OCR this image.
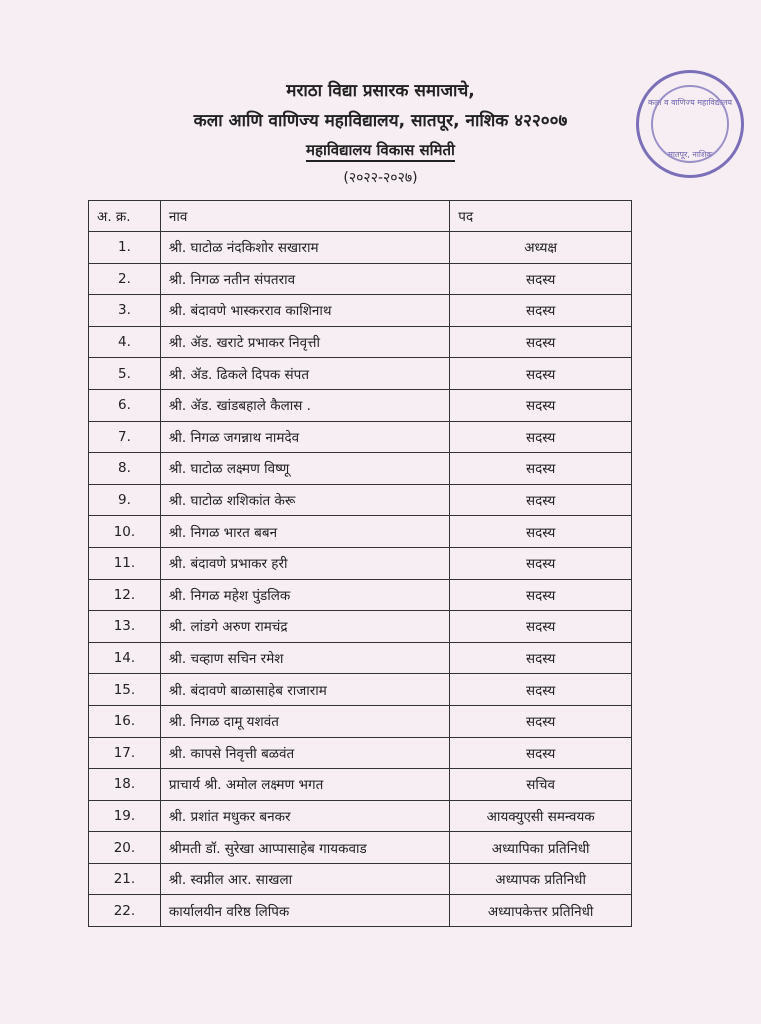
मराठा विद्या प्रसारक समाजाचे,
कला आणि वाणिज्य महाविद्यालय, सातपूर, नाशिक ४२२००७
महाविद्यालय विकास समिती
(२०२२-२०२७)
कला व वाणिज्य महाविद्यालय
सातपूर, नाशिक
अ. क्र.	नाव	पद
1.	श्री. घाटोळ नंदकिशोर सखाराम	अध्यक्ष
2.	श्री. निगळ नतीन संपतराव	सदस्य
3.	श्री. बंदावणे भास्करराव काशिनाथ	सदस्य
4.	श्री. ॲड. खराटे प्रभाकर निवृत्ती	सदस्य
5.	श्री. ॲड. ढिकले दिपक संपत	सदस्य
6.	श्री. ॲड. खांडबहाले कैलास .	सदस्य
7.	श्री. निगळ जगन्नाथ नामदेव	सदस्य
8.	श्री. घाटोळ लक्ष्मण विष्णू	सदस्य
9.	श्री. घाटोळ शशिकांत केरू	सदस्य
10.	श्री. निगळ भारत बबन	सदस्य
11.	श्री. बंदावणे प्रभाकर हरी	सदस्य
12.	श्री. निगळ महेश पुंडलिक	सदस्य
13.	श्री. लांडगे अरुण रामचंद्र	सदस्य
14.	श्री. चव्हाण सचिन रमेश	सदस्य
15.	श्री. बंदावणे बाळासाहेब राजाराम	सदस्य
16.	श्री. निगळ दामू यशवंत	सदस्य
17.	श्री. कापसे निवृत्ती बळवंत	सदस्य
18.	प्राचार्य श्री. अमोल लक्ष्मण भगत	सचिव
19.	श्री. प्रशांत मधुकर बनकर	आयक्युएसी समन्वयक
20.	श्रीमती डॉ. सुरेखा आप्पासाहेब गायकवाड	अध्यापिका प्रतिनिधी
21.	श्री. स्वप्नील आर. साखला	अध्यापक प्रतिनिधी
22.	कार्यालयीन वरिष्ठ लिपिक	अध्यापकेत्तर प्रतिनिधी
